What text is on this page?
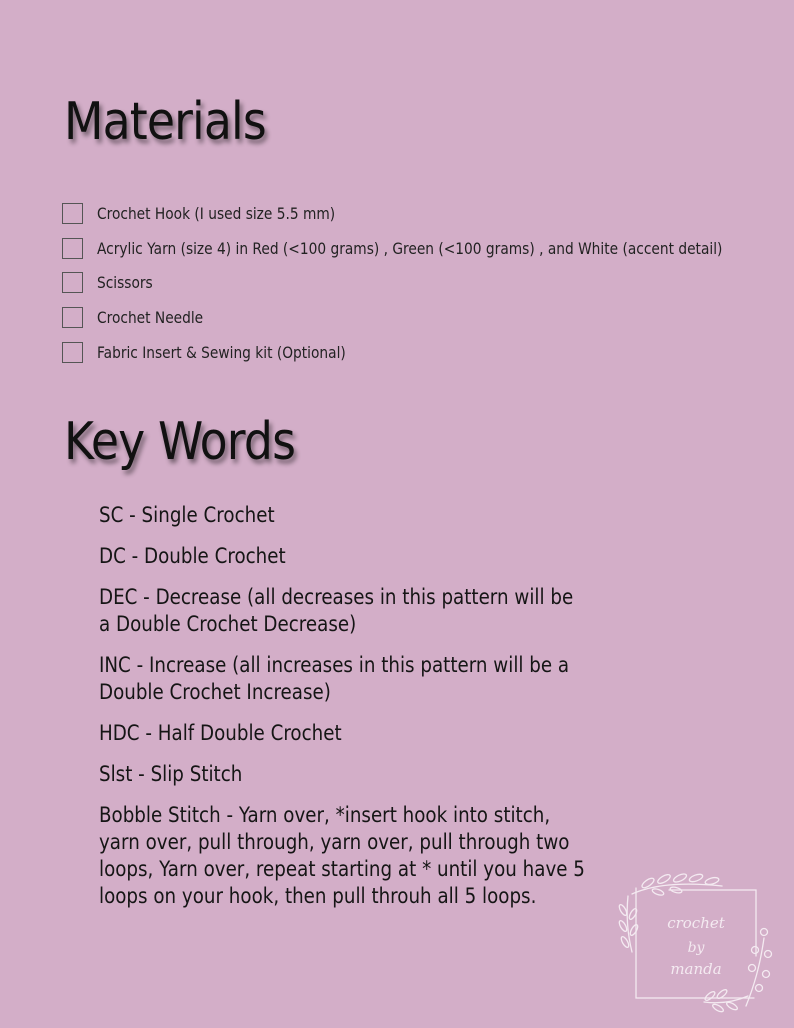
Materials
Crochet Hook (I used size 5.5 mm)
Acrylic Yarn (size 4) in Red (<100 grams) , Green (<100 grams) , and White (accent detail)
Scissors
Crochet Needle
Fabric Insert & Sewing kit (Optional)
Key Words
SC - Single Crochet
DC - Double Crochet
DEC - Decrease (all decreases in this pattern will be a Double Crochet Decrease)
INC - Increase (all increases in this pattern will be a Double Crochet Increase)
HDC - Half Double Crochet
Slst - Slip Stitch
Bobble Stitch - Yarn over, *insert hook into stitch, yarn over, pull through, yarn over, pull through two loops, Yarn over, repeat starting at * until you have 5 loops on your hook, then pull throuh all 5 loops.
crochet
by
manda
